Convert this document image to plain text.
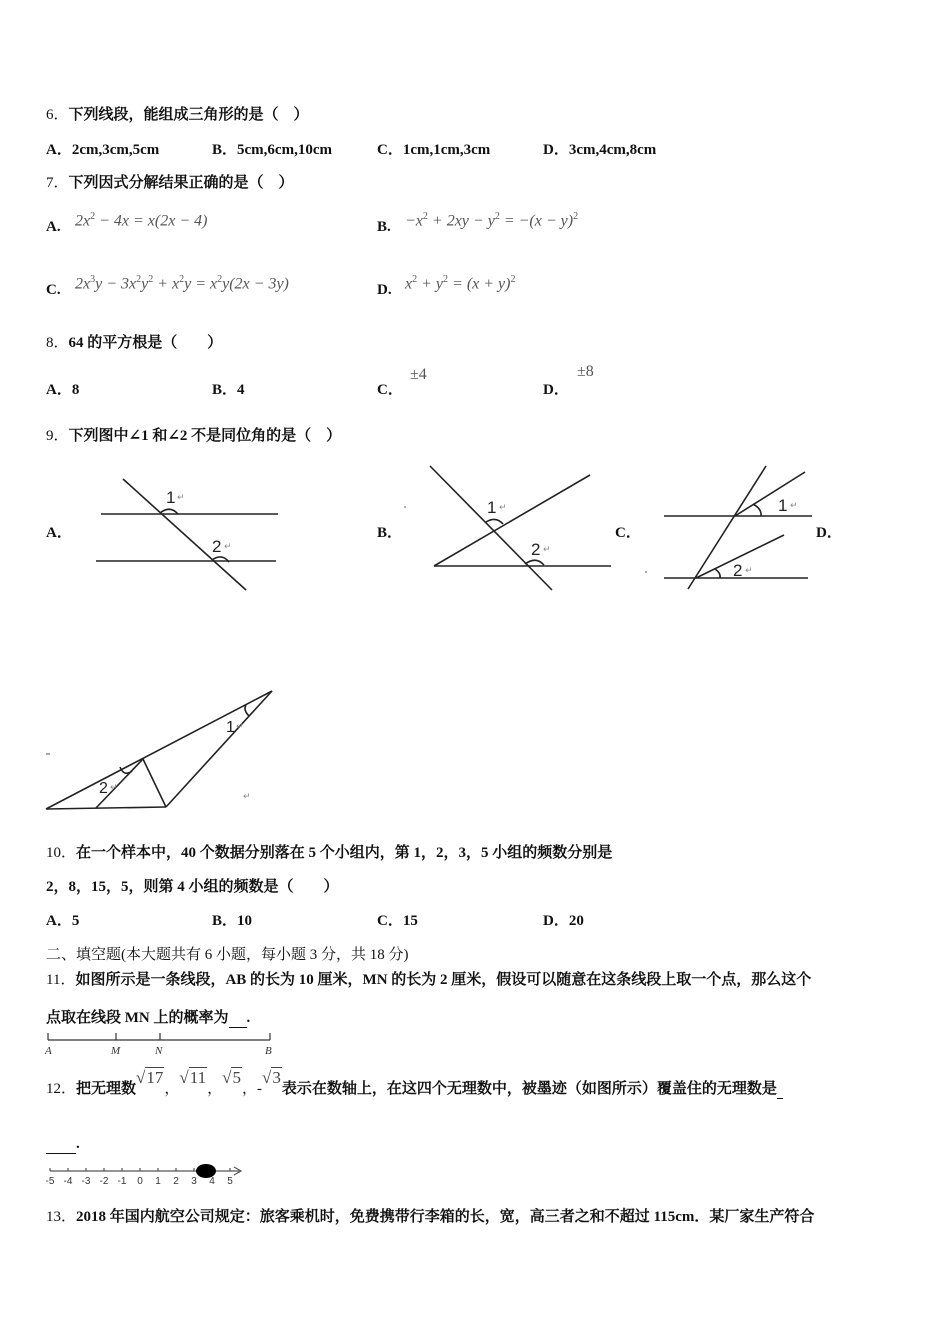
6．下列线段，能组成三角形的是（　）
A．2cm,3cm,5cm	B．5cm,6cm,10cm	C．1cm,1cm,3cm	D．3cm,4cm,8cm
7．下列因式分解结果正确的是（　）
A. $2x^2 - 4x = x(2x - 4)$	B. $-x^2 + 2xy - y^2 = -(x - y)^2$
C. $2x^3y - 3x^2y^2 + x^2y = x^2y(2x - 3y)$	D. $x^2 + y^2 = (x + y)^2$
8．64 的平方根是（　　）
A．8	B．4	C．
±4
D．
±8
9．下列图中∠1 和∠2 不是同位角的是（　）
A．
1
2
↵
↵
B．
1
2
↵
↵
C．
1
2
↵
↵
D．
1
2
↵
↵
↵
10．在一个样本中，40 个数据分别落在 5 个小组内，第 1，2，3，5 小组的频数分别是
2，8，15，5，则第 4 小组的频数是（　　）
A．5	B．10	C．15	D．20
二、填空题(本大题共有 6 小题，每小题 3 分，共 18 分)
11．如图所示是一条线段，AB 的长为 10 厘米，MN 的长为 2 厘米，假设可以随意在这条线段上取一个点，那么这个
点取在线段 MN 上的概率为 .
A	M	N	B
12．把无理数√17，√11，√5，-√3表示在数轴上，在这四个无理数中，被墨迹（如图所示）覆盖住的无理数是
.
-5 -4 -3 -2 -1 0 1 2 3 4 5
13．2018 年国内航空公司规定：旅客乘机时，免费携带行李箱的长，宽，高三者之和不超过 115cm．某厂家生产符合
